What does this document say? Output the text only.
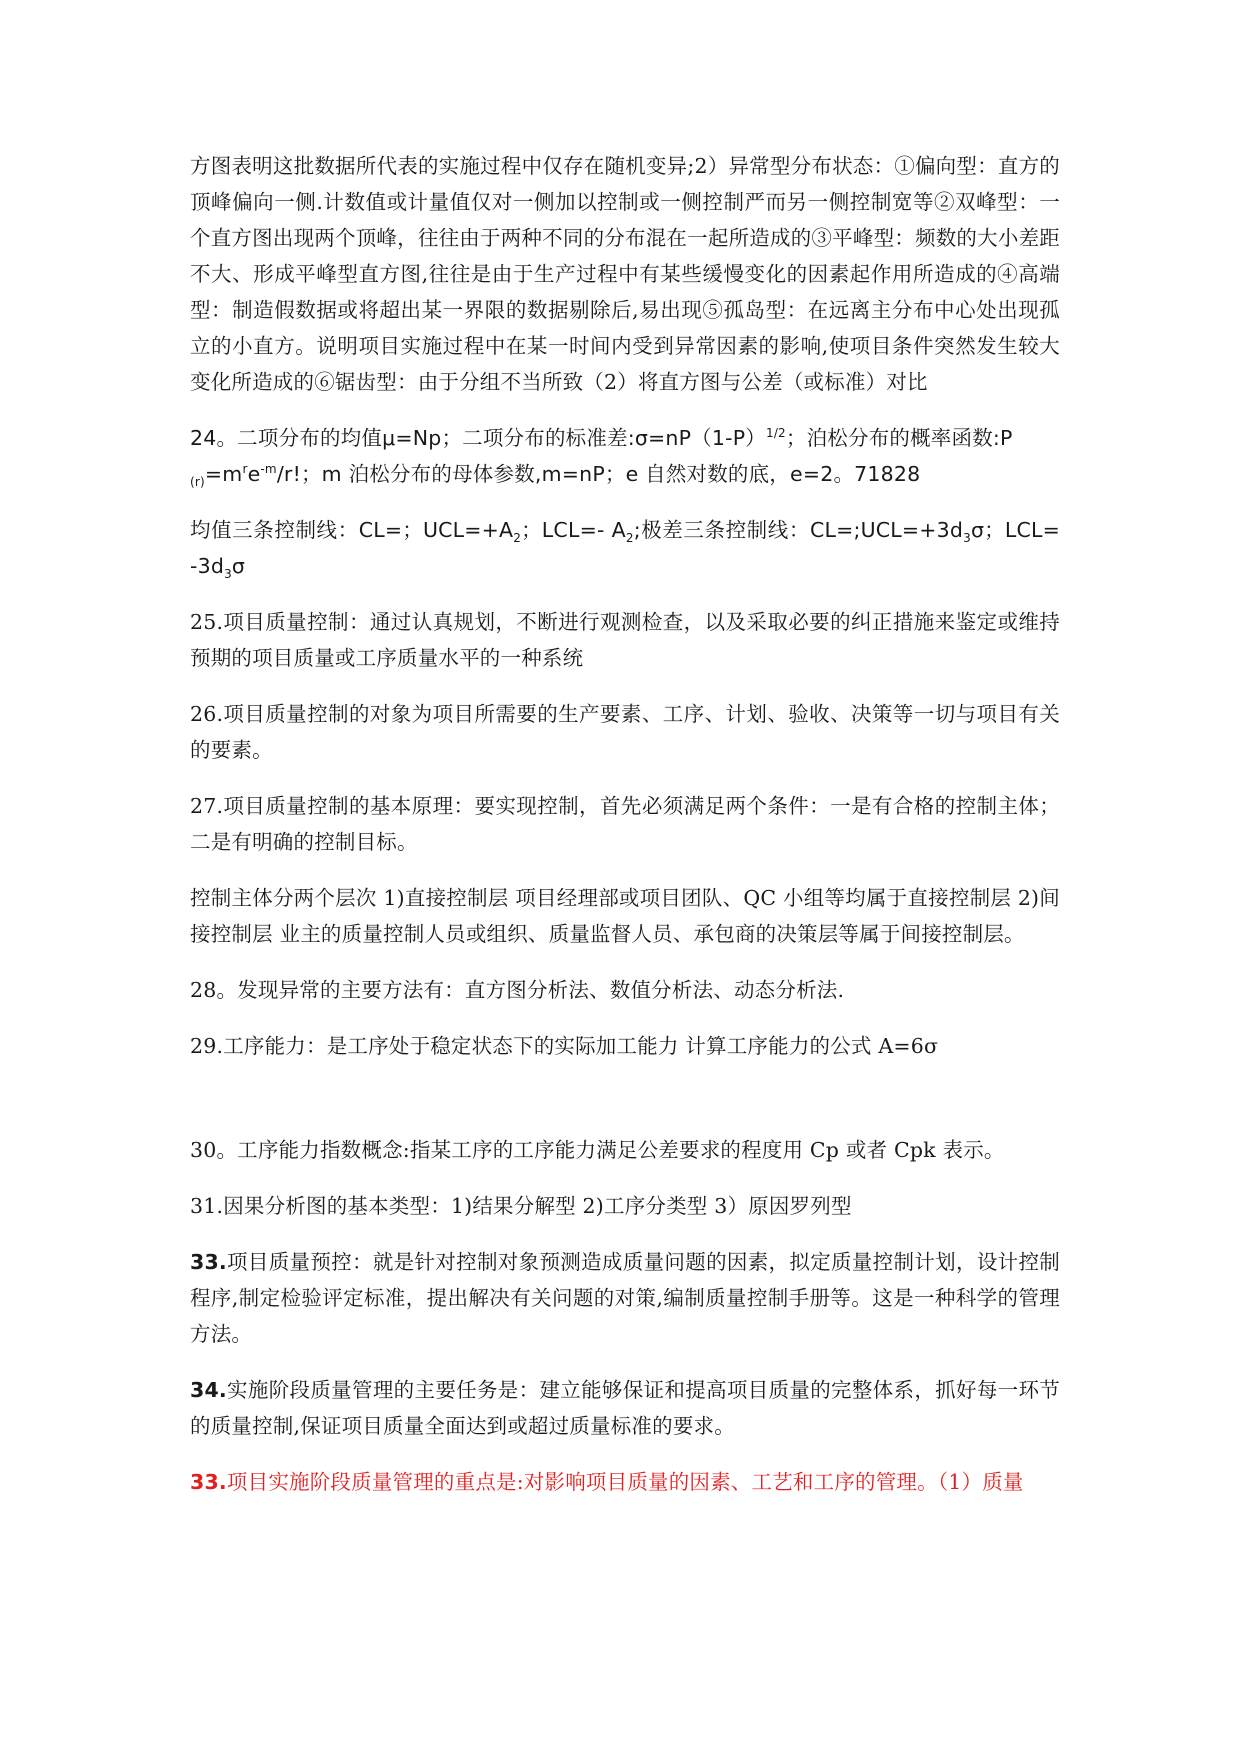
方图表明这批数据所代表的实施过程中仅存在随机变异;2）异常型分布状态：①偏向型：直方的顶峰偏向一侧.计数值或计量值仅对一侧加以控制或一侧控制严而另一侧控制宽等②双峰型：一个直方图出现两个顶峰，往往由于两种不同的分布混在一起所造成的③平峰型：频数的大小差距不大、形成平峰型直方图,往往是由于生产过程中有某些缓慢变化的因素起作用所造成的④高端型：制造假数据或将超出某一界限的数据剔除后,易出现⑤孤岛型：在远离主分布中心处出现孤立的小直方。说明项目实施过程中在某一时间内受到异常因素的影响,使项目条件突然发生较大变化所造成的⑥锯齿型：由于分组不当所致（2）将直方图与公差（或标准）对比

24。二项分布的均值μ=Np；二项分布的标准差$:\sigma=nP(1-P)^{1/2}$；泊松分布的概率函数:P
$_{(r)}=m^re^{-m}/r$!；m 泊松分布的母体参数,m=nP；e 自然对数的底，e=2。71828

均值三条控制线：CL=；$UCL=+A_2$；LCL=- $A_2$;极差三条控制线：$CL=;UCL=+3d_3\sigma$；$LCL=-3d_3\sigma$

25.项目质量控制：通过认真规划，不断进行观测检查，以及采取必要的纠正措施来鉴定或维持预期的项目质量或工序质量水平的一种系统

26.项目质量控制的对象为项目所需要的生产要素、工序、计划、验收、决策等一切与项目有关的要素。

27.项目质量控制的基本原理：要实现控制，首先必须满足两个条件：一是有合格的控制主体；二是有明确的控制目标。

控制主体分两个层次 1)直接控制层 项目经理部或项目团队、QC 小组等均属于直接控制层 2)间接控制层 业主的质量控制人员或组织、质量监督人员、承包商的决策层等属于间接控制层。

28。发现异常的主要方法有：直方图分析法、数值分析法、动态分析法.

29.工序能力：是工序处于稳定状态下的实际加工能力 计算工序能力的公式 A=6σ

30。工序能力指数概念:指某工序的工序能力满足公差要求的程度用 Cp 或者 Cpk 表示。

31.因果分析图的基本类型：1)结果分解型 2)工序分类型 3）原因罗列型

33.项目质量预控：就是针对控制对象预测造成质量问题的因素，拟定质量控制计划，设计控制程序,制定检验评定标准，提出解决有关问题的对策,编制质量控制手册等。这是一种科学的管理方法。

34.实施阶段质量管理的主要任务是：建立能够保证和提高项目质量的完整体系，抓好每一环节的质量控制,保证项目质量全面达到或超过质量标准的要求。

33.项目实施阶段质量管理的重点是:对影响项目质量的因素、工艺和工序的管理。（1）质量
